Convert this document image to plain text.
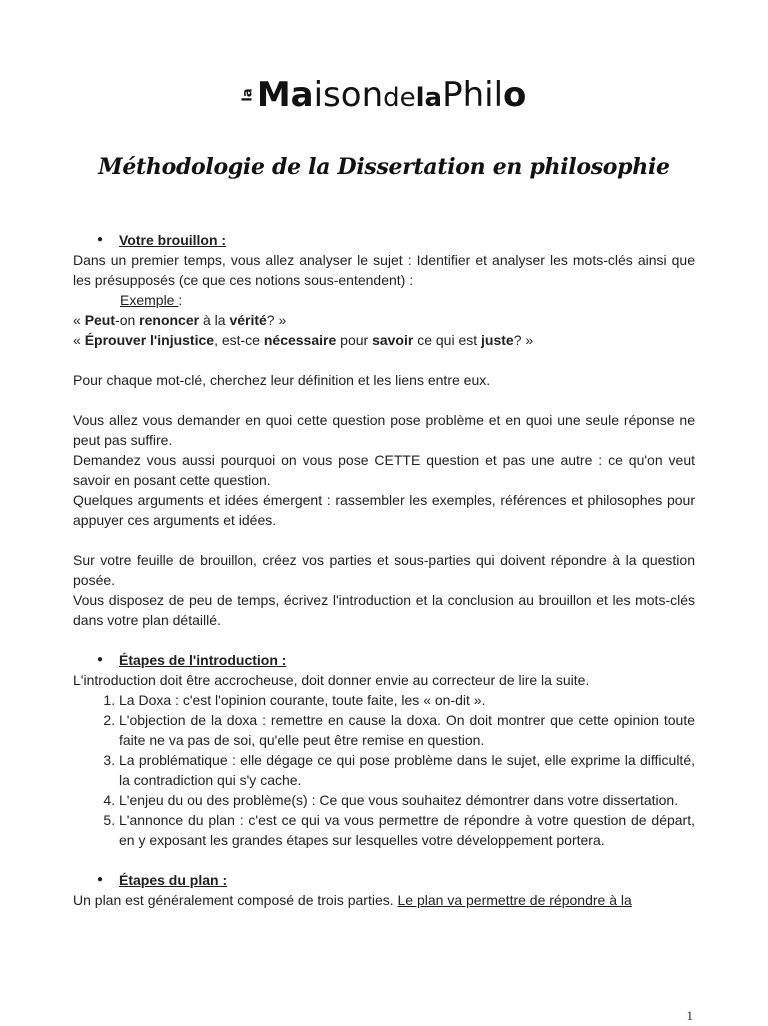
laMaisondelaPhilo
Méthodologie de la Dissertation en philosophie
● Votre brouillon :

Dans un premier temps, vous allez analyser le sujet : Identifier et analyser les mots-clés ainsi que les présupposés (ce que ces notions sous-entendent) :

Exemple :

« Peut-on renoncer à la vérité? »

« Éprouver l'injustice, est-ce nécessaire pour savoir ce qui est juste? »

Pour chaque mot-clé, cherchez leur définition et les liens entre eux.

Vous allez vous demander en quoi cette question pose problème et en quoi une seule réponse ne peut pas suffire.

Demandez vous aussi pourquoi on vous pose CETTE question et pas une autre : ce qu'on veut savoir en posant cette question.

Quelques arguments et idées émergent : rassembler les exemples, références et philosophes pour appuyer ces arguments et idées.

Sur votre feuille de brouillon, créez vos parties et sous-parties qui doivent répondre à la question posée.

Vous disposez de peu de temps, écrivez l'introduction et la conclusion au brouillon et les mots-clés dans votre plan détaillé.

● Étapes de l'introduction :

L'introduction doit être accrocheuse, doit donner envie au correcteur de lire la suite.

1. La Doxa : c'est l'opinion courante, toute faite, les « on-dit ».
2. L'objection de la doxa : remettre en cause la doxa. On doit montrer que cette opinion toute faite ne va pas de soi, qu'elle peut être remise en question.
3. La problématique : elle dégage ce qui pose problème dans le sujet, elle exprime la difficulté, la contradiction qui s'y cache.
4. L'enjeu du ou des problème(s) : Ce que vous souhaitez démontrer dans votre dissertation.
5. L'annonce du plan : c'est ce qui va vous permettre de répondre à votre question de départ, en y exposant les grandes étapes sur lesquelles votre développement portera.
● Étapes du plan :

Un plan est généralement composé de trois parties. Le plan va permettre de répondre à la

1
